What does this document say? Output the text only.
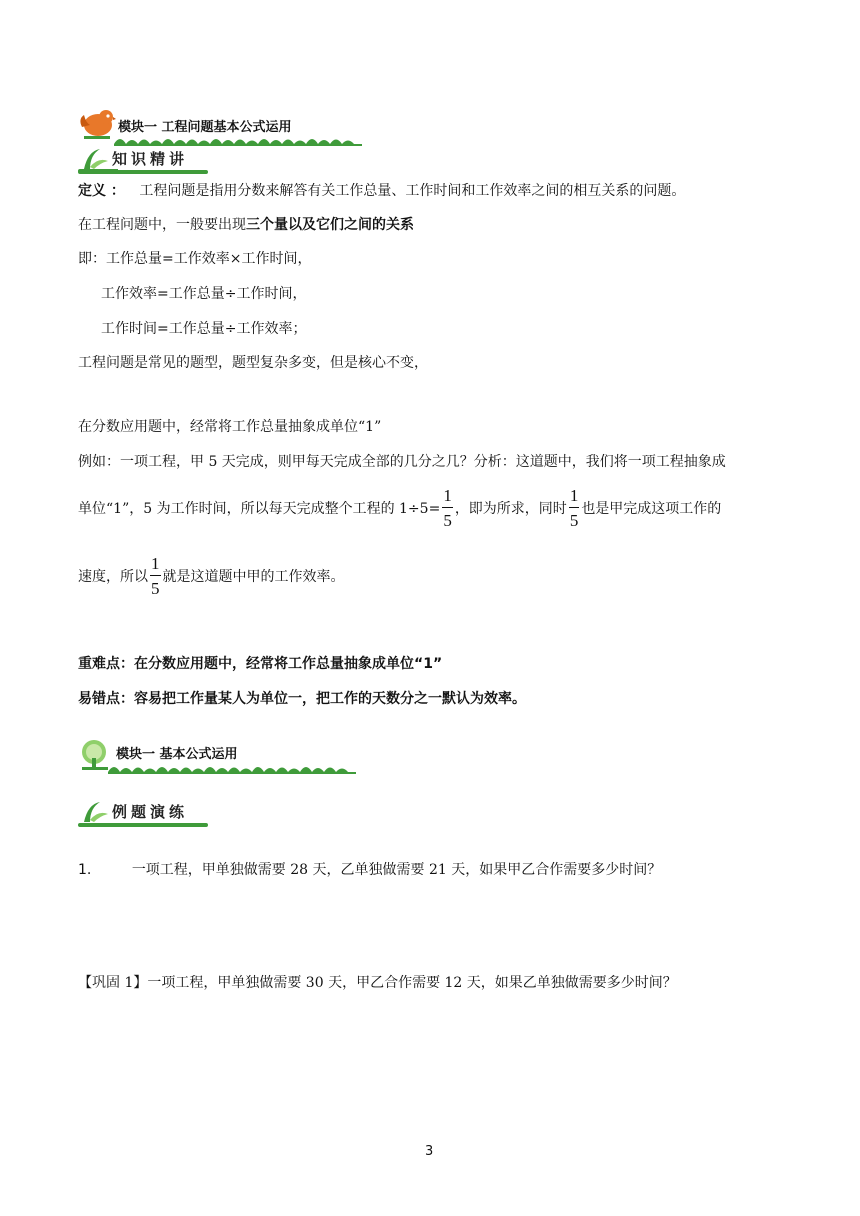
模块一 工程问题基本公式运用
知识精讲
定义 ： 工程问题是指用分数来解答有关工作总量、工作时间和工作效率之间的相互关系的问题。
在工程问题中，一般要出现三个量以及它们之间的关系
即：工作总量=工作效率×工作时间，
工作效率=工作总量÷工作时间，
工作时间=工作总量÷工作效率；
工程问题是常见的题型，题型复杂多变，但是核心不变，
在分数应用题中，经常将工作总量抽象成单位“1”
例如：一项工程，甲 5 天完成，则甲每天完成全部的几分之几？分析：这道题中，我们将一项工程抽象成
单位“1”，5 为工作时间，所以每天完成整个工程的 $1\div 5= \frac{1}{5}$ ，即为所求，同时 $\frac{1}{5}$ 也是甲完成这项工作的
速度，所以 $\frac{1}{5}$ 就是这道题中甲的工作效率。
重难点：在分数应用题中，经常将工作总量抽象成单位“1”
易错点：容易把工作量某人为单位一，把工作的天数分之一默认为效率。
模块一 基本公式运用
例题演练
1.	一项工程，甲单独做需要 28 天，乙单独做需要 21 天，如果甲乙合作需要多少时间？
【巩固 1】一项工程，甲单独做需要 30 天，甲乙合作需要 12 天，如果乙单独做需要多少时间？
3
